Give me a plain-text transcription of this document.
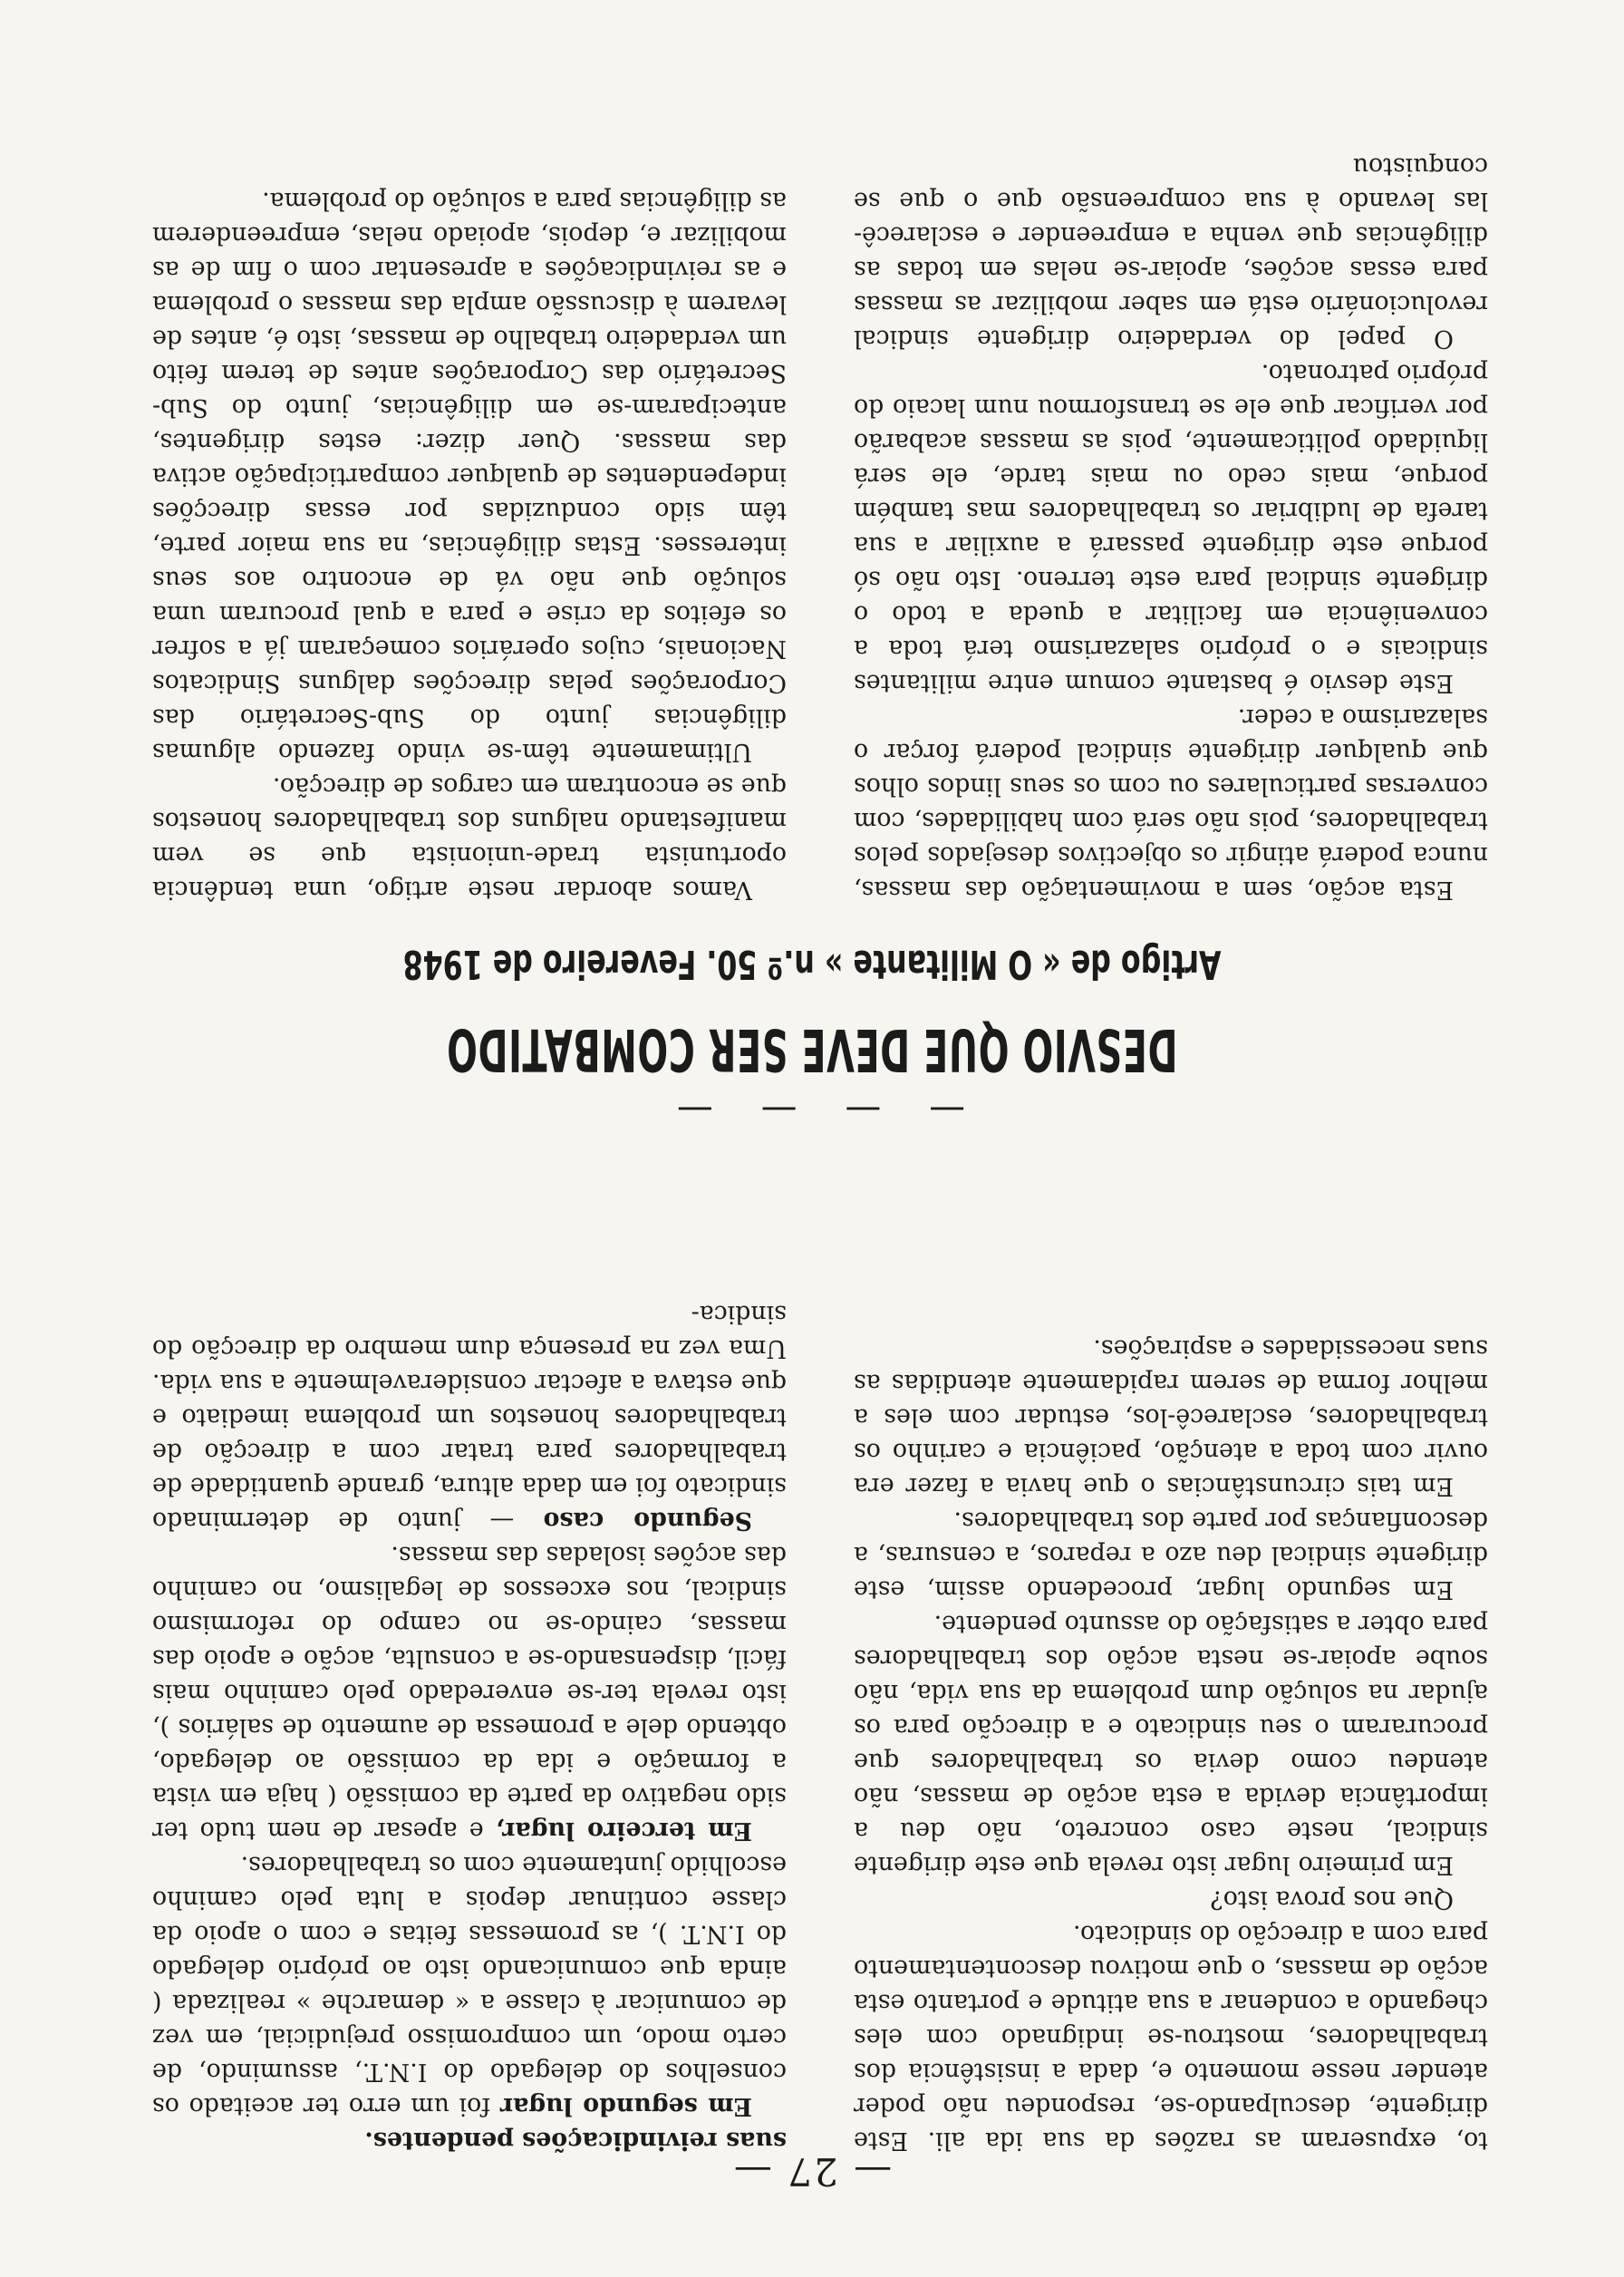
— 27 —

to, expuseram as razões da sua ida ali. Este dirigente, desculpando-se, respondeu não poder atender nesse momento e, dada a insistência dos trabalhadores, mostrou-se indignado com eles chegando a condenar a sua atitude e portanto esta acção de massas, o que motivou descontentamento para com a direcção do sindicato.

Que nos prova isto?

Em primeiro lugar isto revela que este dirigente sindical, neste caso concreto, não deu a importância devida a esta acção de massas, não atendeu como devia os trabalhadores que procuraram o seu sindicato e a direcção para os ajudar na solução dum problema da sua vida, não soube apoiar-se nesta acção dos trabalhadores para obter a satisfação do assunto pendente.

Em segundo lugar, procedendo assim, este dirigente sindical deu azo a reparos, a censuras, a desconfianças por parte dos trabalhadores.

Em tais circunstâncias o que havia a fazer era ouvir com toda a atenção, paciência e carinho os trabalhadores, esclarecê-los, estudar com eles a melhor forma de serem rapidamente atendidas as suas necessidades e aspirações.

suas reivindicações pendentes.

Em segundo lugar foi um erro ter aceitado os conselhos do delegado do I.N.T., assumindo, de certo modo, um compromisso prejudicial, em vez de comunicar à classe a « demarche » realizada ( ainda que comunicando isto ao próprio delegado do I.N.T. ), as promessas feitas e com o apoio da classe continuar depois a luta pelo caminho escolhido juntamente com os trabalhadores.

Em terceiro lugar, e apesar de nem tudo ter sido negativo da parte da comissão ( haja em vista a formação e ida da comissão ao delegado, obtendo dele a promessa de aumento de salários ), isto revela ter-se enveredado pelo caminho mais fácil, dispensando-se a consulta, acção e apoio das massas, caindo-se no campo do reformismo sindical, nos excessos de legalismo, no caminho das acções isoladas das massas.

Segundo caso — junto de determinado sindicato foi em dada altura, grande quantidade de trabalhadores para tratar com a direcção de trabalhadores honestos um problema imediato e que estava a afectar consideravelmente a sua vida. Uma vez na presença dum membro da direcção do sindica-

— — — —
DESVIO QUE DEVE SER COMBATIDO
Artigo de « O Militante » n.º 50. Fevereiro de 1948

Esta acção, sem a movimentação das massas, nunca poderá atingir os objectivos desejados pelos trabalhadores, pois não será com habilidades, com conversas particulares ou com os seus lindos olhos que qualquer dirigente sindical poderá forçar o salazarismo a ceder.

Este desvio é bastante comum entre militantes sindicais e o próprio salazarismo terá toda a conveniência em facilitar a queda a todo o dirigente sindical para este terreno. Isto não só porque este dirigente passará a auxiliar a sua tarefa de ludibriar os trabalhadores mas também porque, mais cedo ou mais tarde, ele será liquidado politicamente, pois as massas acabarão por verificar que ele se transformou num lacaio do próprio patronato.

O papel do verdadeiro dirigente sindical revolucionário está em saber mobilizar as massas para essas acções, apoiar-se nelas em todas as diligências que venha a empreender e esclarecê-las levando à sua compreensão que o que se conquistou

Vamos abordar neste artigo, uma tendência oportunista trade-unionista que se vem manifestando nalguns dos trabalhadores honestos que se encontram em cargos de direcção.

Ultimamente têm-se vindo fazendo algumas diligências junto do Sub-Secretário das Corporações pelas direcções dalguns Sindicatos Nacionais, cujos operários começaram já a sofrer os efeitos da crise e para a qual procuram uma solução que não vá de encontro aos seus interesses. Estas diligências, na sua maior parte, têm sido conduzidas por essas direcções independentes de qualquer comparticipação activa das massas. Quer dizer: estes dirigentes, anteciparam-se em diligências, junto do Sub-Secretário das Corporações antes de terem feito um verdadeiro trabalho de massas, isto é, antes de levarem à discussão ampla das massas o problema e as reivindicações a apresentar com o fim de as mobilizar e, depois, apoiado nelas, empreenderem as diligências para a solução do problema.
